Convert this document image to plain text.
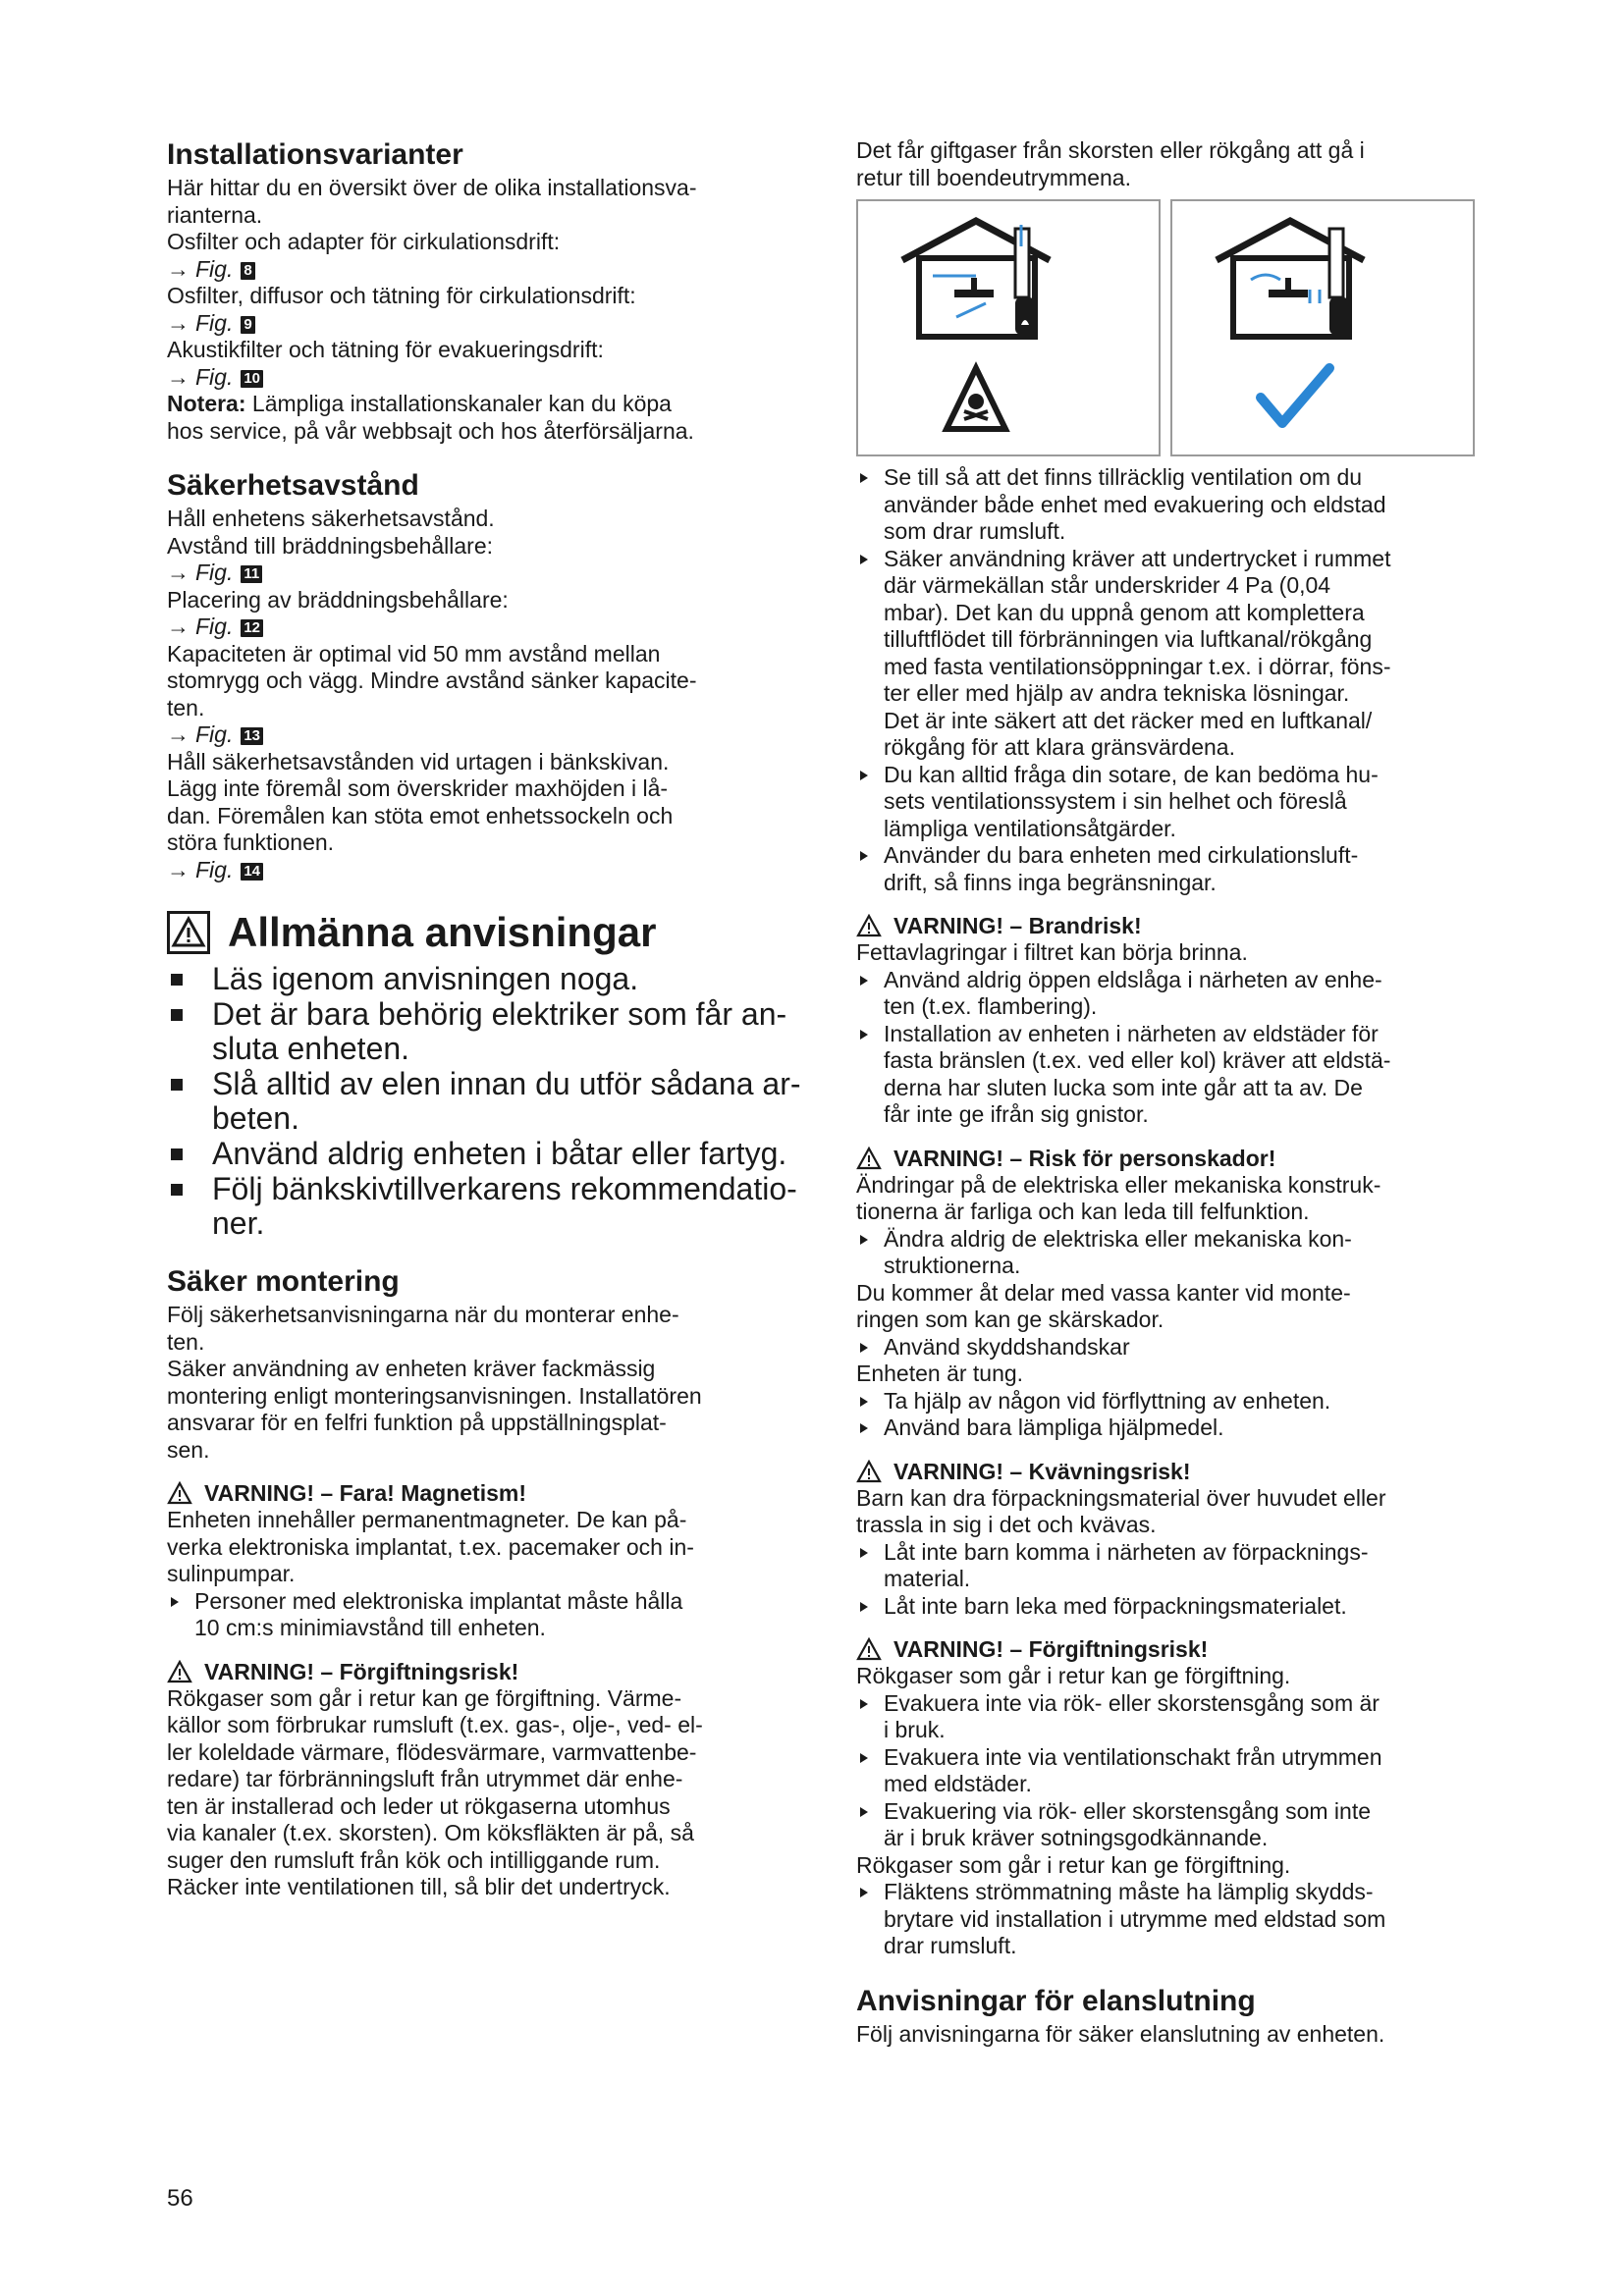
Installationsvarianter

Här hittar du en översikt över de olika installationsva-

rianterna.

Osfilter och adapter för cirkulationsdrift:

→ Fig. 8

Osfilter, diffusor och tätning för cirkulationsdrift:

→ Fig. 9

Akustikfilter och tätning för evakueringsdrift:

→ Fig. 10

Notera: Lämpliga installationskanaler kan du köpa

hos service, på vår webbsajt och hos återförsäljarna.

Säkerhetsavstånd

Håll enhetens säkerhetsavstånd.

Avstånd till bräddningsbehållare:

→ Fig. 11

Placering av bräddningsbehållare:

→ Fig. 12

Kapaciteten är optimal vid 50 mm avstånd mellan

stomrygg och vägg. Mindre avstånd sänker kapacite-

ten.

→ Fig. 13

Håll säkerhetsavstånden vid urtagen i bänkskivan.

Lägg inte föremål som överskrider maxhöjden i lå-

dan. Föremålen kan stöta emot enhetssockeln och

störa funktionen.

→ Fig. 14

Allmänna anvisningar
Läs igenom anvisningen noga.
Det är bara behörig elektriker som får an-
sluta enheten.
Slå alltid av elen innan du utför sådana ar-
beten.
Använd aldrig enheten i båtar eller fartyg.
Följ bänkskivtillverkarens rekommendatio-
ner.
Säker montering

Följ säkerhetsanvisningarna när du monterar enhe-

ten.

Säker användning av enheten kräver fackmässig

montering enligt monteringsanvisningen. Installatören

ansvarar för en felfri funktion på uppställningsplat-

sen.

VARNING! – Fara! Magnetism!

Enheten innehåller permanentmagneter. De kan på-

verka elektroniska implantat, t.ex. pacemaker och in-

sulinpumpar.

Personer med elektroniska implantat måste hålla
10 cm:s minimiavstånd till enheten.
VARNING! – Förgiftningsrisk!

Rökgaser som går i retur kan ge förgiftning. Värme-

källor som förbrukar rumsluft (t.ex. gas-, olje-, ved- el-

ler koleldade värmare, flödesvärmare, varmvattenbe-

redare) tar förbränningsluft från utrymmet där enhe-

ten är installerad och leder ut rökgaserna utomhus

via kanaler (t.ex. skorsten). Om köksfläkten är på, så

suger den rumsluft från kök och intilliggande rum.

Räcker inte ventilationen till, så blir det undertryck.

Det får giftgaser från skorsten eller rökgång att gå i

retur till boendeutrymmena.

Se till så att det finns tillräcklig ventilation om du
använder både enhet med evakuering och eldstad
som drar rumsluft.
Säker användning kräver att undertrycket i rummet
där värmekällan står underskrider 4 Pa (0,04
mbar). Det kan du uppnå genom att komplettera
tilluftflödet till förbränningen via luftkanal/rökgång
med fasta ventilationsöppningar t.ex. i dörrar, föns-
ter eller med hjälp av andra tekniska lösningar.
Det är inte säkert att det räcker med en luftkanal/
rökgång för att klara gränsvärdena.
Du kan alltid fråga din sotare, de kan bedöma hu-
sets ventilationssystem i sin helhet och föreslå
lämpliga ventilationsåtgärder.
Använder du bara enheten med cirkulationsluft-
drift, så finns inga begränsningar.
VARNING! – Brandrisk!

Fettavlagringar i filtret kan börja brinna.

Använd aldrig öppen eldslåga i närheten av enhe-
ten (t.ex. flambering).
Installation av enheten i närheten av eldstäder för
fasta bränslen (t.ex. ved eller kol) kräver att eldstä-
derna har sluten lucka som inte går att ta av. De
får inte ge ifrån sig gnistor.
VARNING! – Risk för personskador!

Ändringar på de elektriska eller mekaniska konstruk-

tionerna är farliga och kan leda till felfunktion.

Ändra aldrig de elektriska eller mekaniska kon-
struktionerna.

Du kommer åt delar med vassa kanter vid monte-

ringen som kan ge skärskador.

Använd skyddshandskar

Enheten är tung.

Ta hjälp av någon vid förflyttning av enheten.
Använd bara lämpliga hjälpmedel.
VARNING! – Kvävningsrisk!

Barn kan dra förpackningsmaterial över huvudet eller

trassla in sig i det och kvävas.

Låt inte barn komma i närheten av förpacknings-
material.
Låt inte barn leka med förpackningsmaterialet.
VARNING! – Förgiftningsrisk!

Rökgaser som går i retur kan ge förgiftning.

Evakuera inte via rök- eller skorstensgång som är
i bruk.
Evakuera inte via ventilationschakt från utrymmen
med eldstäder.
Evakuering via rök- eller skorstensgång som inte
är i bruk kräver sotningsgodkännande.

Rökgaser som går i retur kan ge förgiftning.

Fläktens strömmatning måste ha lämplig skydds-
brytare vid installation i utrymme med eldstad som
drar rumsluft.
Anvisningar för elanslutning

Följ anvisningarna för säker elanslutning av enheten.

56
